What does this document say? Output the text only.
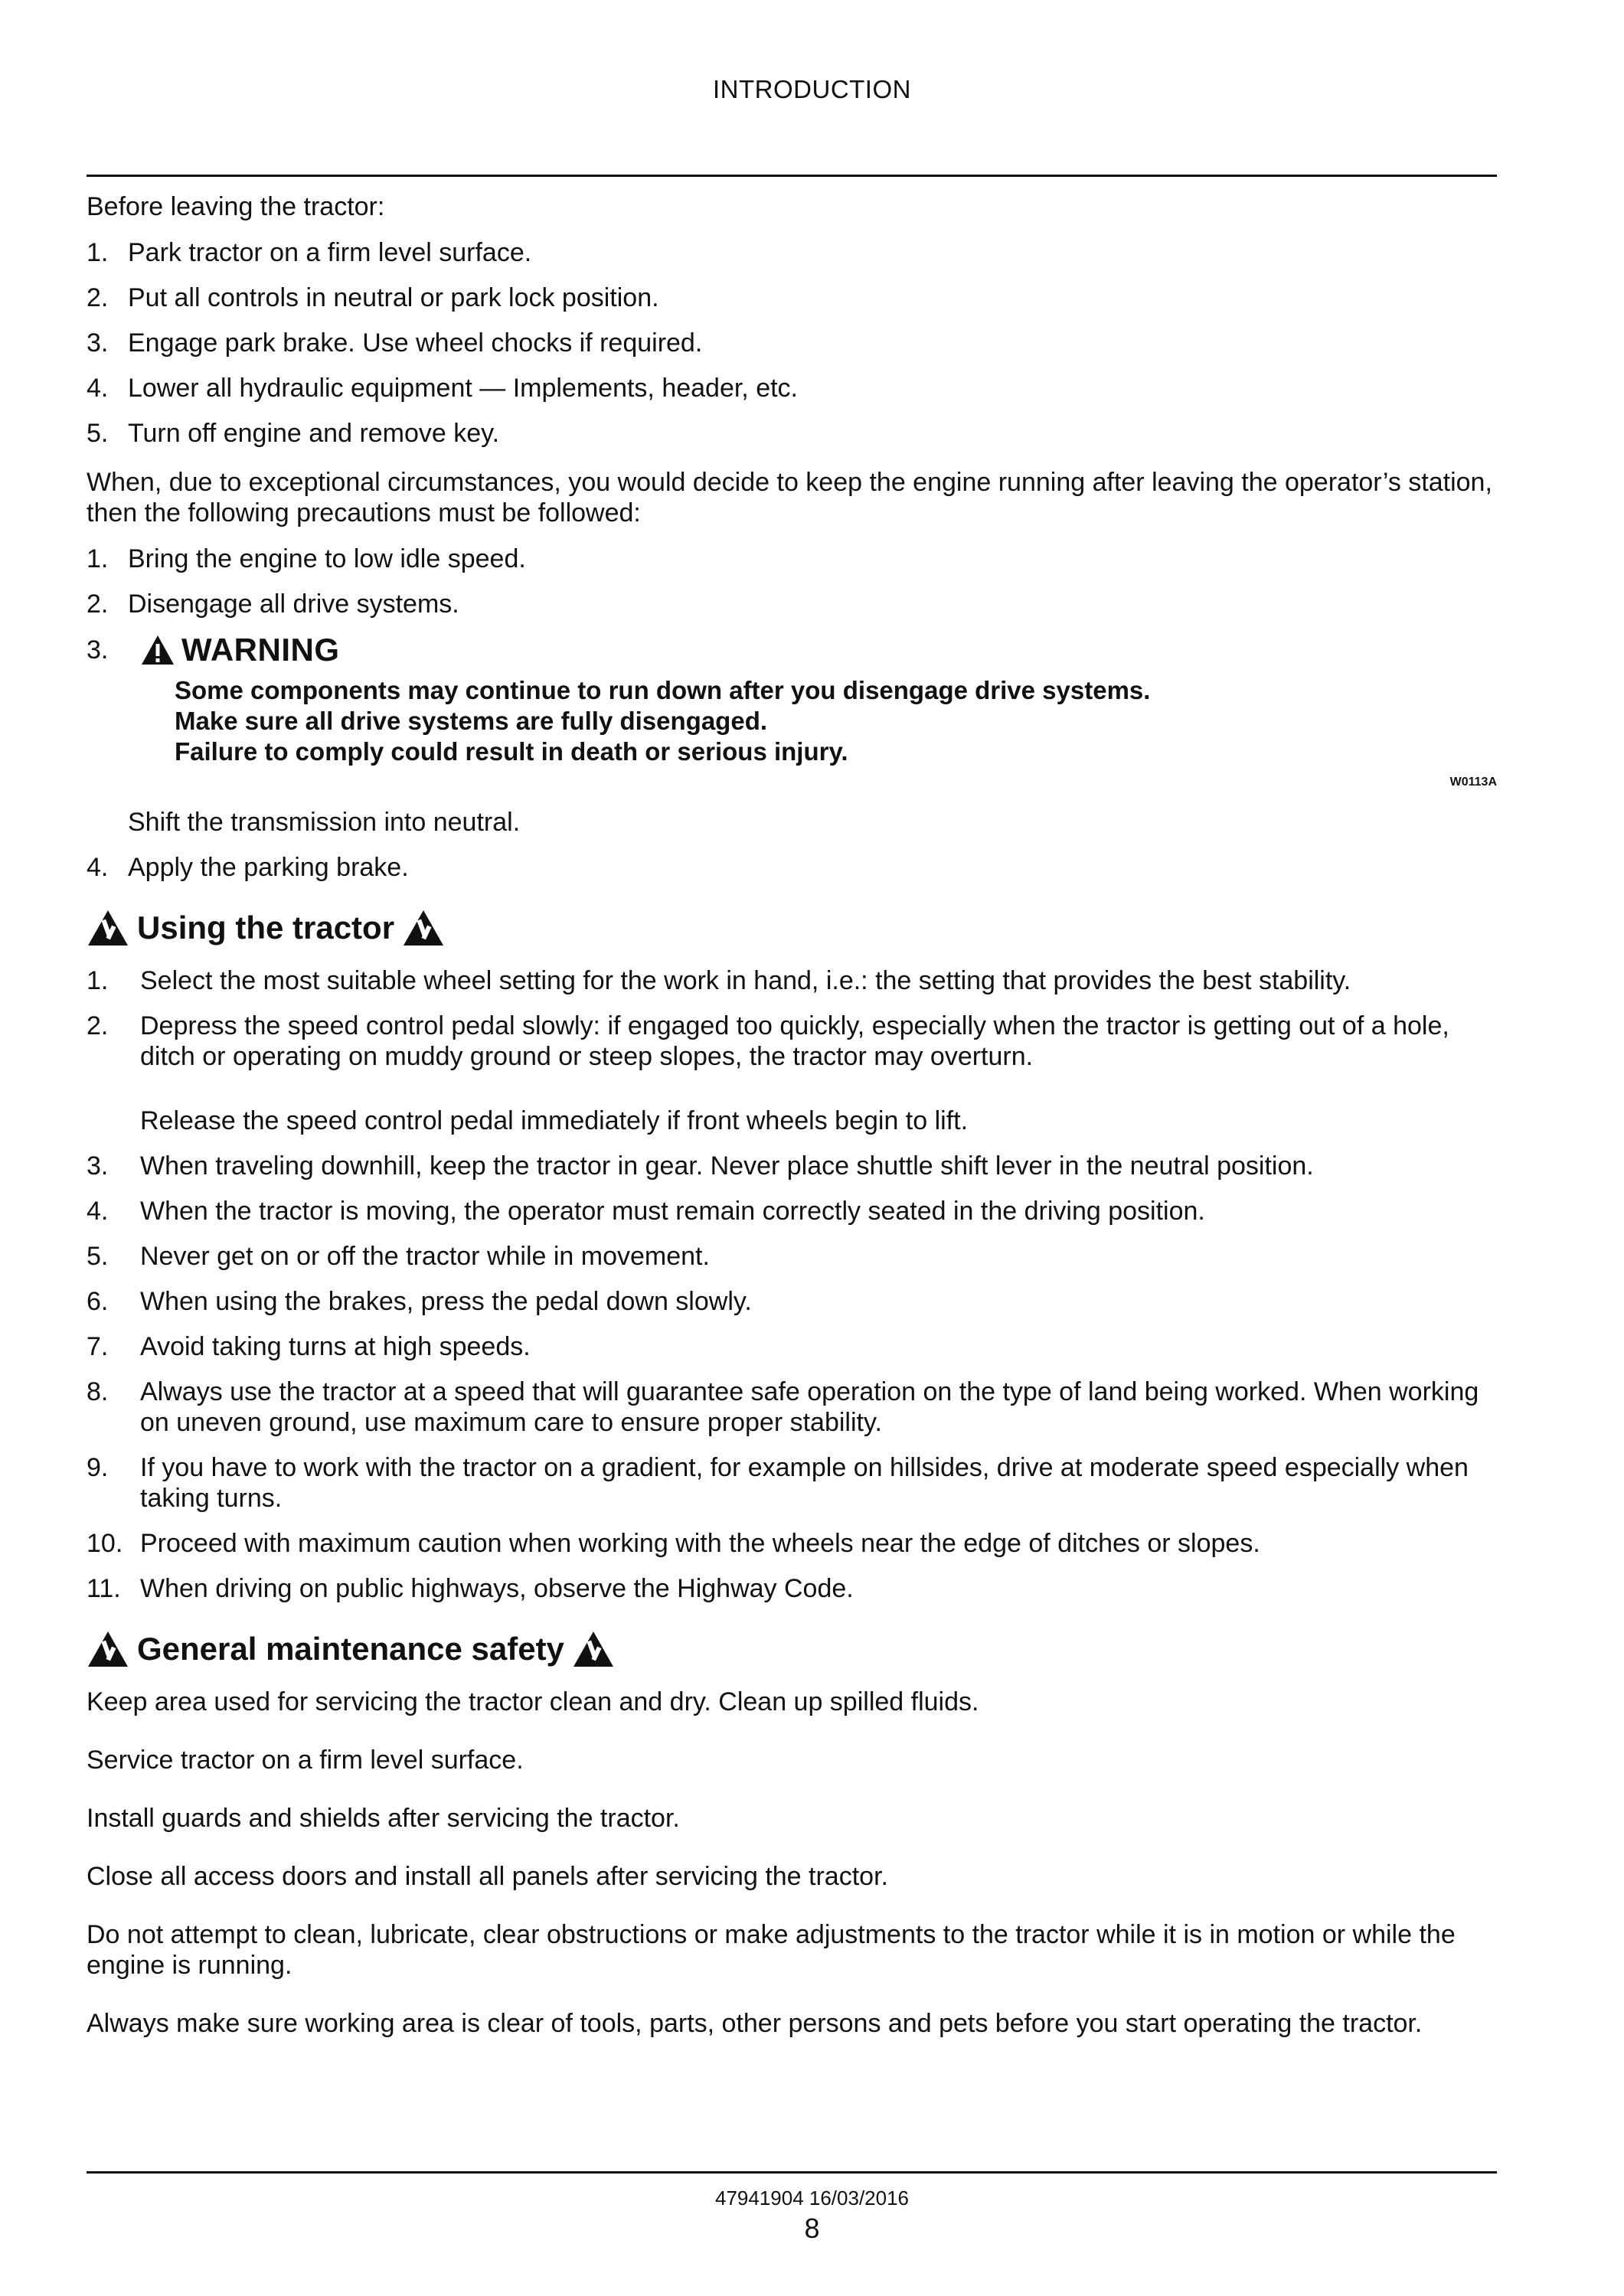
INTRODUCTION

Before leaving the tractor:

1. Park tractor on a firm level surface.
2. Put all controls in neutral or park lock position.
3. Engage park brake. Use wheel chocks if required.
4. Lower all hydraulic equipment — Implements, header, etc.
5. Turn off engine and remove key.

When, due to exceptional circumstances, you would decide to keep the engine running after leaving the operator’s station, then the following precautions must be followed:

1. Bring the engine to low idle speed.
2. Disengage all drive systems.
3.	WARNING
Some components may continue to run down after you disengage drive systems.
Make sure all drive systems are fully disengaged.
Failure to comply could result in death or serious injury.
W0113A
Shift the transmission into neutral.
4. Apply the parking brake.
Using the tractor
1.	Select the most suitable wheel setting for the work in hand, i.e.: the setting that provides the best stability.
2.	Depress the speed control pedal slowly: if engaged too quickly, especially when the tractor is getting out of a hole, ditch or operating on muddy ground or steep slopes, the tractor may overturn.
Release the speed control pedal immediately if front wheels begin to lift.
3.	When traveling downhill, keep the tractor in gear. Never place shuttle shift lever in the neutral position.
4.	When the tractor is moving, the operator must remain correctly seated in the driving position.
5.	Never get on or off the tractor while in movement.
6.	When using the brakes, press the pedal down slowly.
7.	Avoid taking turns at high speeds.
8.	Always use the tractor at a speed that will guarantee safe operation on the type of land being worked. When working on uneven ground, use maximum care to ensure proper stability.
9.	If you have to work with the tractor on a gradient, for example on hillsides, drive at moderate speed especially when taking turns.
10. Proceed with maximum caution when working with the wheels near the edge of ditches or slopes.
11. When driving on public highways, observe the Highway Code.
General maintenance safety

Keep area used for servicing the tractor clean and dry. Clean up spilled fluids.

Service tractor on a firm level surface.

Install guards and shields after servicing the tractor.

Close all access doors and install all panels after servicing the tractor.

Do not attempt to clean, lubricate, clear obstructions or make adjustments to the tractor while it is in motion or while the engine is running.

Always make sure working area is clear of tools, parts, other persons and pets before you start operating the tractor.

47941904 16/03/2016
8
